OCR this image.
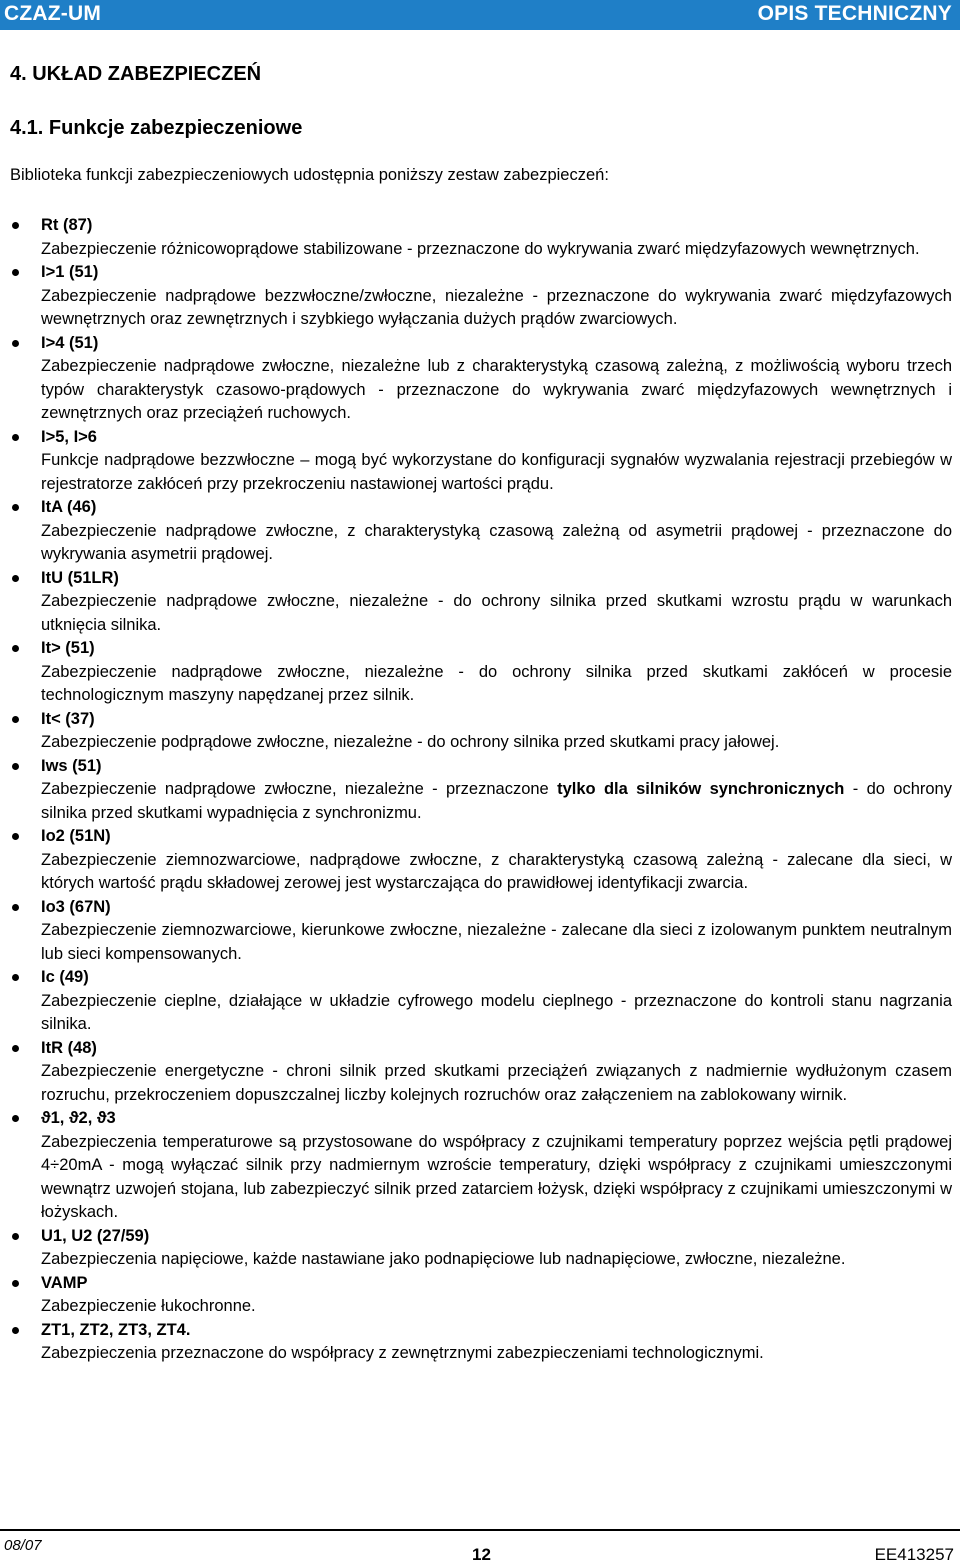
CZAZ-UM	OPIS TECHNICZNY
4. UKŁAD ZABEZPIECZEŃ
4.1. Funkcje zabezpieczeniowe
Biblioteka funkcji zabezpieczeniowych udostępnia poniższy zestaw zabezpieczeń:
Rt (87)
Zabezpieczenie różnicowoprądowe stabilizowane - przeznaczone do wykrywania zwarć międzyfazowych wewnętrznych.
I>1 (51)
Zabezpieczenie nadprądowe bezzwłoczne/zwłoczne, niezależne - przeznaczone do wykrywania zwarć międzyfazowych wewnętrznych oraz zewnętrznych i szybkiego wyłączania dużych prądów zwarciowych.
I>4 (51)
Zabezpieczenie nadprądowe zwłoczne, niezależne lub z charakterystyką czasową zależną, z możliwością wyboru trzech typów charakterystyk czasowo-prądowych - przeznaczone do wykrywania zwarć międzyfazowych wewnętrznych i zewnętrznych oraz przeciążeń ruchowych.
I>5, I>6
Funkcje nadprądowe bezzwłoczne – mogą być wykorzystane do konfiguracji sygnałów wyzwalania rejestracji przebiegów w rejestratorze zakłóceń przy przekroczeniu nastawionej wartości prądu.
ItA (46)
Zabezpieczenie nadprądowe zwłoczne, z charakterystyką czasową zależną od asymetrii prądowej - przeznaczone do wykrywania asymetrii prądowej.
ItU (51LR)
Zabezpieczenie nadprądowe zwłoczne, niezależne - do ochrony silnika przed skutkami wzrostu prądu w warunkach utknięcia silnika.
It> (51)
Zabezpieczenie nadprądowe zwłoczne, niezależne - do ochrony silnika przed skutkami zakłóceń w procesie technologicznym maszyny napędzanej przez silnik.
It< (37)
Zabezpieczenie podprądowe zwłoczne, niezależne - do ochrony silnika przed skutkami pracy jałowej.
Iws (51)
Zabezpieczenie nadprądowe zwłoczne, niezależne - przeznaczone tylko dla silników synchronicznych - do ochrony silnika przed skutkami wypadnięcia z synchronizmu.
Io2 (51N)
Zabezpieczenie ziemnozwarciowe, nadprądowe zwłoczne, z charakterystyką czasową zależną - zalecane dla sieci, w których wartość prądu składowej zerowej jest wystarczająca do prawidłowej identyfikacji zwarcia.
Io3 (67N)
Zabezpieczenie ziemnozwarciowe, kierunkowe zwłoczne, niezależne - zalecane dla sieci z izolowanym punktem neutralnym lub sieci kompensowanych.
Ic (49)
Zabezpieczenie cieplne, działające w układzie cyfrowego modelu cieplnego - przeznaczone do kontroli stanu nagrzania silnika.
ItR (48)
Zabezpieczenie energetyczne - chroni silnik przed skutkami przeciążeń związanych z nadmiernie wydłużonym czasem rozruchu, przekroczeniem dopuszczalnej liczby kolejnych rozruchów oraz załączeniem na zablokowany wirnik.
ϑ1, ϑ2, ϑ3
Zabezpieczenia temperaturowe są przystosowane do współpracy z czujnikami temperatury poprzez wejścia pętli prądowej 4÷20mA - mogą wyłączać silnik przy nadmiernym wzroście temperatury, dzięki współpracy z czujnikami umieszczonymi wewnątrz uzwojeń stojana, lub zabezpieczyć silnik przed zatarciem łożysk, dzięki współpracy z czujnikami umieszczonymi w łożyskach.
U1, U2 (27/59)
Zabezpieczenia napięciowe, każde nastawiane jako podnapięciowe lub nadnapięciowe, zwłoczne, niezależne.
VAMP
Zabezpieczenie łukochronne.
ZT1, ZT2, ZT3, ZT4.
Zabezpieczenia przeznaczone do współpracy z zewnętrznymi zabezpieczeniami technologicznymi.
08/07	12	EE413257
